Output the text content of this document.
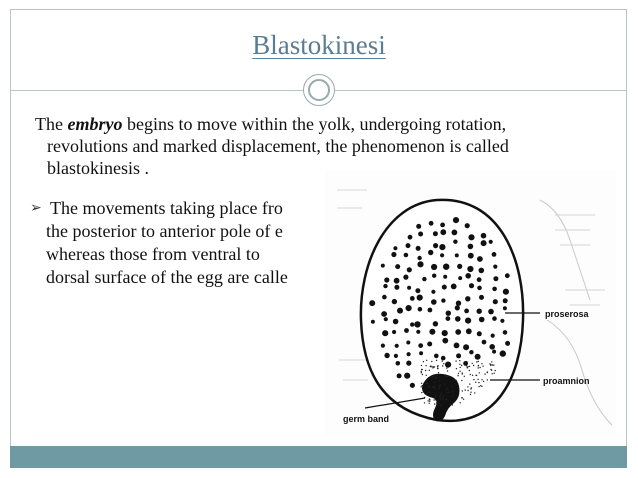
Blastokinesi
The embryo begins to move within the yolk, undergoing rotation,
revolutions and marked displacement, the phenomenon is called
blastokinesis .
➢ The movements taking place fro
the posterior to anterior pole of e
whereas those from ventral to
dorsal surface of the egg are calle
proserosa
proamnion
germ band
